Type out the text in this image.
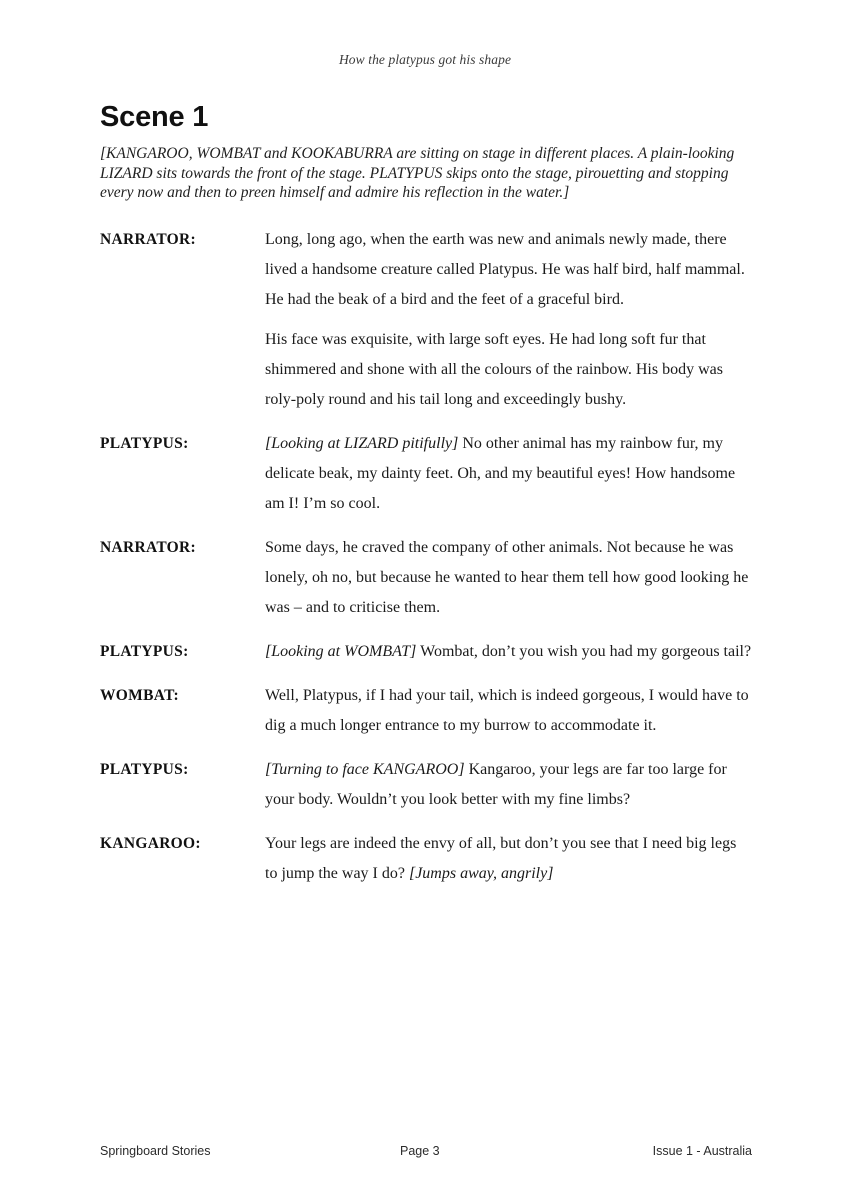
How the platypus got his shape
Scene 1
[KANGAROO, WOMBAT and KOOKABURRA are sitting on stage in different places. A plain-looking LIZARD sits towards the front of the stage. PLATYPUS skips onto the stage, pirouetting and stopping every now and then to preen himself and admire his reflection in the water.]
NARRATOR:	Long, long ago, when the earth was new and animals newly made, there lived a handsome creature called Platypus. He was half bird, half mammal. He had the beak of a bird and the feet of a graceful bird.

His face was exquisite, with large soft eyes. He had long soft fur that shimmered and shone with all the colours of the rainbow. His body was roly-poly round and his tail long and exceedingly bushy.

PLATYPUS:	[Looking at LIZARD pitifully] No other animal has my rainbow fur, my delicate beak, my dainty feet. Oh, and my beautiful eyes! How handsome am I! I’m so cool.

NARRATOR:	Some days, he craved the company of other animals. Not because he was lonely, oh no, but because he wanted to hear them tell how good looking he was – and to criticise them.

PLATYPUS:	[Looking at WOMBAT] Wombat, don’t you wish you had my gorgeous tail?

WOMBAT:	Well, Platypus, if I had your tail, which is indeed gorgeous, I would have to dig a much longer entrance to my burrow to accommodate it.

PLATYPUS:	[Turning to face KANGAROO] Kangaroo, your legs are far too large for your body. Wouldn’t you look better with my fine limbs?

KANGAROO:	Your legs are indeed the envy of all, but don’t you see that I need big legs to jump the way I do? [Jumps away, angrily]

Springboard Stories	Page 3	Issue 1 - Australia
